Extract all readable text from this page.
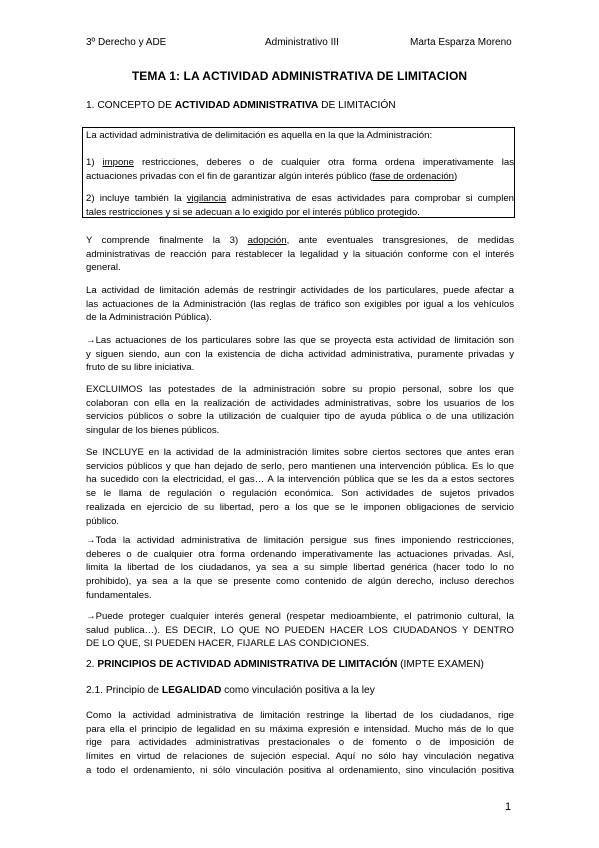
3º Derecho y ADE	Administrativo III	Marta Esparza Moreno
TEMA 1: LA ACTIVIDAD ADMINISTRATIVA DE LIMITACION
1. CONCEPTO DE ACTIVIDAD ADMINISTRATIVA DE LIMITACIÓN
La actividad administrativa de delimitación es aquella en la que la Administración:
1) impone restricciones, deberes o de cualquier otra forma ordena imperativamente las
actuaciones privadas con el fin de garantizar algún interés público (fase de ordenación)
2) incluye también la vigilancia administrativa de esas actividades para comprobar si cumplen
tales restricciones y si se adecuan a lo exigido por el interés público protegido.
Y comprende finalmente la 3) adopción, ante eventuales transgresiones, de medidas
administrativas de reacción para restablecer la legalidad y la situación conforme con el interés
general.
La actividad de limitación además de restringir actividades de los particulares, puede afectar a
las actuaciones de la Administración (las reglas de tráfico son exigibles por igual a los vehículos
de la Administración Pública).
→Las actuaciones de los particulares sobre las que se proyecta esta actividad de limitación son
y siguen siendo, aun con la existencia de dicha actividad administrativa, puramente privadas y
fruto de su libre iniciativa.
EXCLUIMOS las potestades de la administración sobre su propio personal, sobre los que
colaboran con ella en la realización de actividades administrativas, sobre los usuarios de los
servicios públicos o sobre la utilización de cualquier tipo de ayuda pública o de una utilización
singular de los bienes públicos.
Se INCLUYE en la actividad de la administración limites sobre ciertos sectores que antes eran
servicios públicos y que han dejado de serlo, pero mantienen una intervención pública. Es lo que
ha sucedido con la electricidad, el gas… A la intervención pública que se les da a estos sectores
se le llama de regulación o regulación económica. Son actividades de sujetos privados
realizada en ejercicio de su libertad, pero a los que se le imponen obligaciones de servicio
público.
→Toda la actividad administrativa de limitación persigue sus fines imponiendo restricciones,
deberes o de cualquier otra forma ordenando imperativamente las actuaciones privadas. Así,
limita la libertad de los ciudadanos, ya sea a su simple libertad genérica (hacer todo lo no
prohibido), ya sea a la que se presente como contenido de algún derecho, incluso derechos
fundamentales.
→Puede proteger cualquier interés general (respetar medioambiente, el patrimonio cultural, la
salud publica…). ES DECIR, LO QUE NO PUEDEN HACER LOS CIUDADANOS Y DENTRO
DE LO QUE, SI PUEDEN HACER, FIJARLE LAS CONDICIONES.
2. PRINCIPIOS DE ACTIVIDAD ADMINISTRATIVA DE LIMITACIÓN (IMPTE EXAMEN)
2.1. Principio de LEGALIDAD como vinculación positiva a la ley
Como la actividad administrativa de limitación restringe la libertad de los ciudadanos, rige
para ella el principio de legalidad en su máxima expresión e intensidad. Mucho más de lo que
rige para actividades administrativas prestacionales o de fomento o de imposición de
límites en virtud de relaciones de sujeción especial. Aquí no sólo hay vinculación negativa
a todo el ordenamiento, ni sólo vinculación positiva al ordenamiento, sino vinculación positiva
1
